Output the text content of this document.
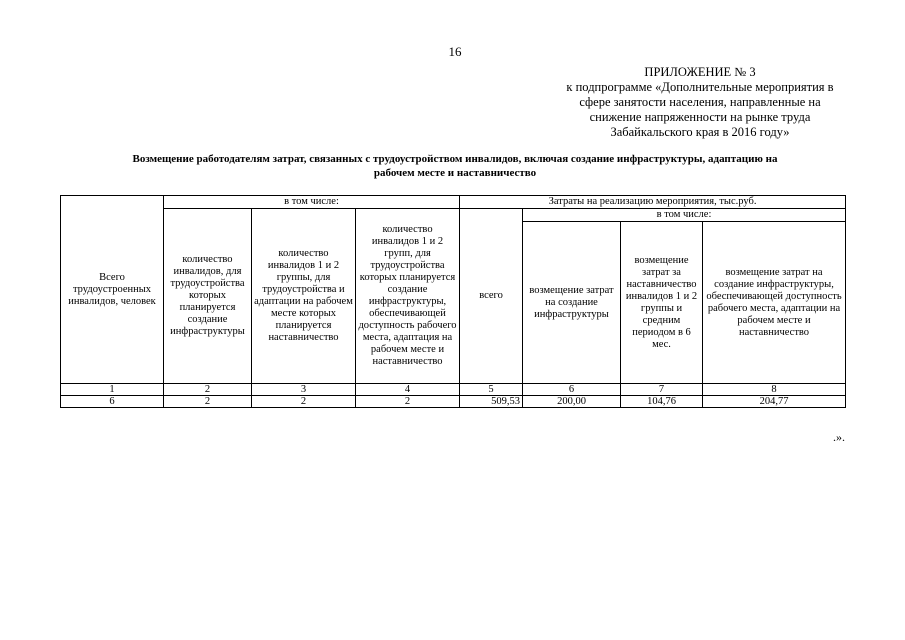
16
ПРИЛОЖЕНИЕ № 3
к подпрограмме «Дополнительные мероприятия в
сфере занятости населения, направленные на
снижение напряженности на рынке труда
Забайкальского края в 2016 году»
Возмещение работодателям затрат, связанных с трудоустройством инвалидов, включая создание инфраструктуры, адаптацию на
рабочем месте и наставничество
Всего трудоустроенных инвалидов, человек	в том числе:			Затраты на реализацию мероприятия, тыс.руб.			
	количество инвалидов, для трудоустройства которых планируется создание инфраструктуры	количество инвалидов 1 и 2 группы, для трудоустройства и адаптации на рабочем месте которых планируется наставничество	количество инвалидов 1 и 2 групп, для трудоустройства которых планируется создание инфраструктуры, обеспечивающей доступность рабочего места, адаптация на рабочем месте и наставничество	всего	в том числе:		
					возмещение затрат на создание инфраструктуры	возмещение затрат за наставничество инвалидов 1 и 2 группы и средним периодом в 6 мес.	возмещение затрат на создание инфраструктуры, обеспечивающей доступность рабочего места, адаптации на рабочем месте и наставничество
1	2	3	4	5	6	7	8
6	2	2	2	509,53	200,00	104,76	204,77
.».
